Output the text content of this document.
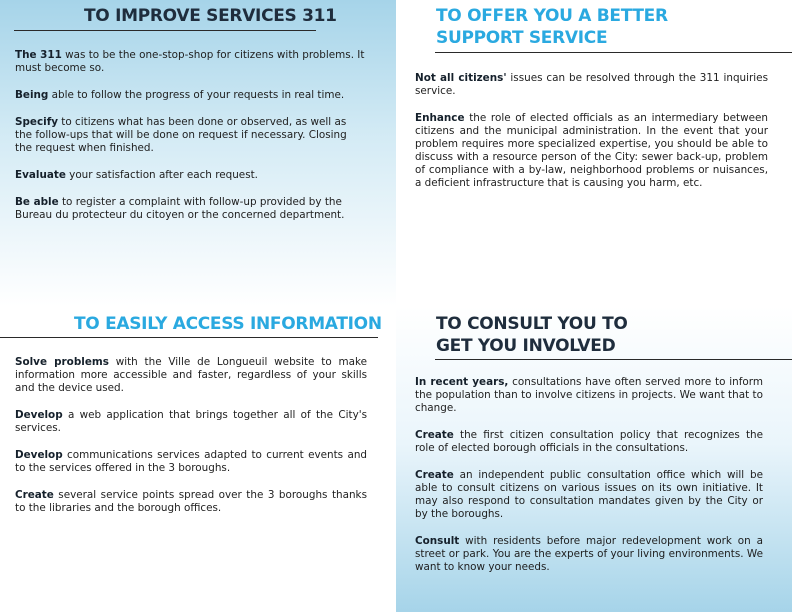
TO IMPROVE SERVICES 311

The 311 was to be the one-stop-shop for citizens with problems. It must become so.

Being able to follow the progress of your requests in real time.

Specify to citizens what has been done or observed, as well as the follow-ups that will be done on request if necessary. Closing the request when finished.

Evaluate your satisfaction after each request.

Be able to register a complaint with follow-up provided by the Bureau du protecteur du citoyen or the concerned department.

TO OFFER YOU A BETTER
SUPPORT SERVICE

Not all citizens' issues can be resolved through the 311 inquiries service.

Enhance the role of elected officials as an intermediary between citizens and the municipal administration. In the event that your problem requires more specialized expertise, you should be able to discuss with a resource person of the City: sewer back-up, problem of compliance with a by-law, neighborhood problems or nuisances, a deficient infrastructure that is causing you harm, etc.

TO EASILY ACCESS INFORMATION

Solve problems with the Ville de Longueuil website to make information more accessible and faster, regardless of your skills and the device used.

Develop a web application that brings together all of the City's services.

Develop communications services adapted to current events and to the services offered in the 3 boroughs.

Create several service points spread over the 3 boroughs thanks to the libraries and the borough offices.

TO CONSULT YOU TO
GET YOU INVOLVED

In recent years, consultations have often served more to inform the population than to involve citizens in projects. We want that to change.

Create the first citizen consultation policy that recognizes the role of elected borough officials in the consultations.

Create an independent public consultation office which will be able to consult citizens on various issues on its own initiative. It may also respond to consultation mandates given by the City or by the boroughs.

Consult with residents before major redevelopment work on a street or park. You are the experts of your living environments. We want to know your needs.
